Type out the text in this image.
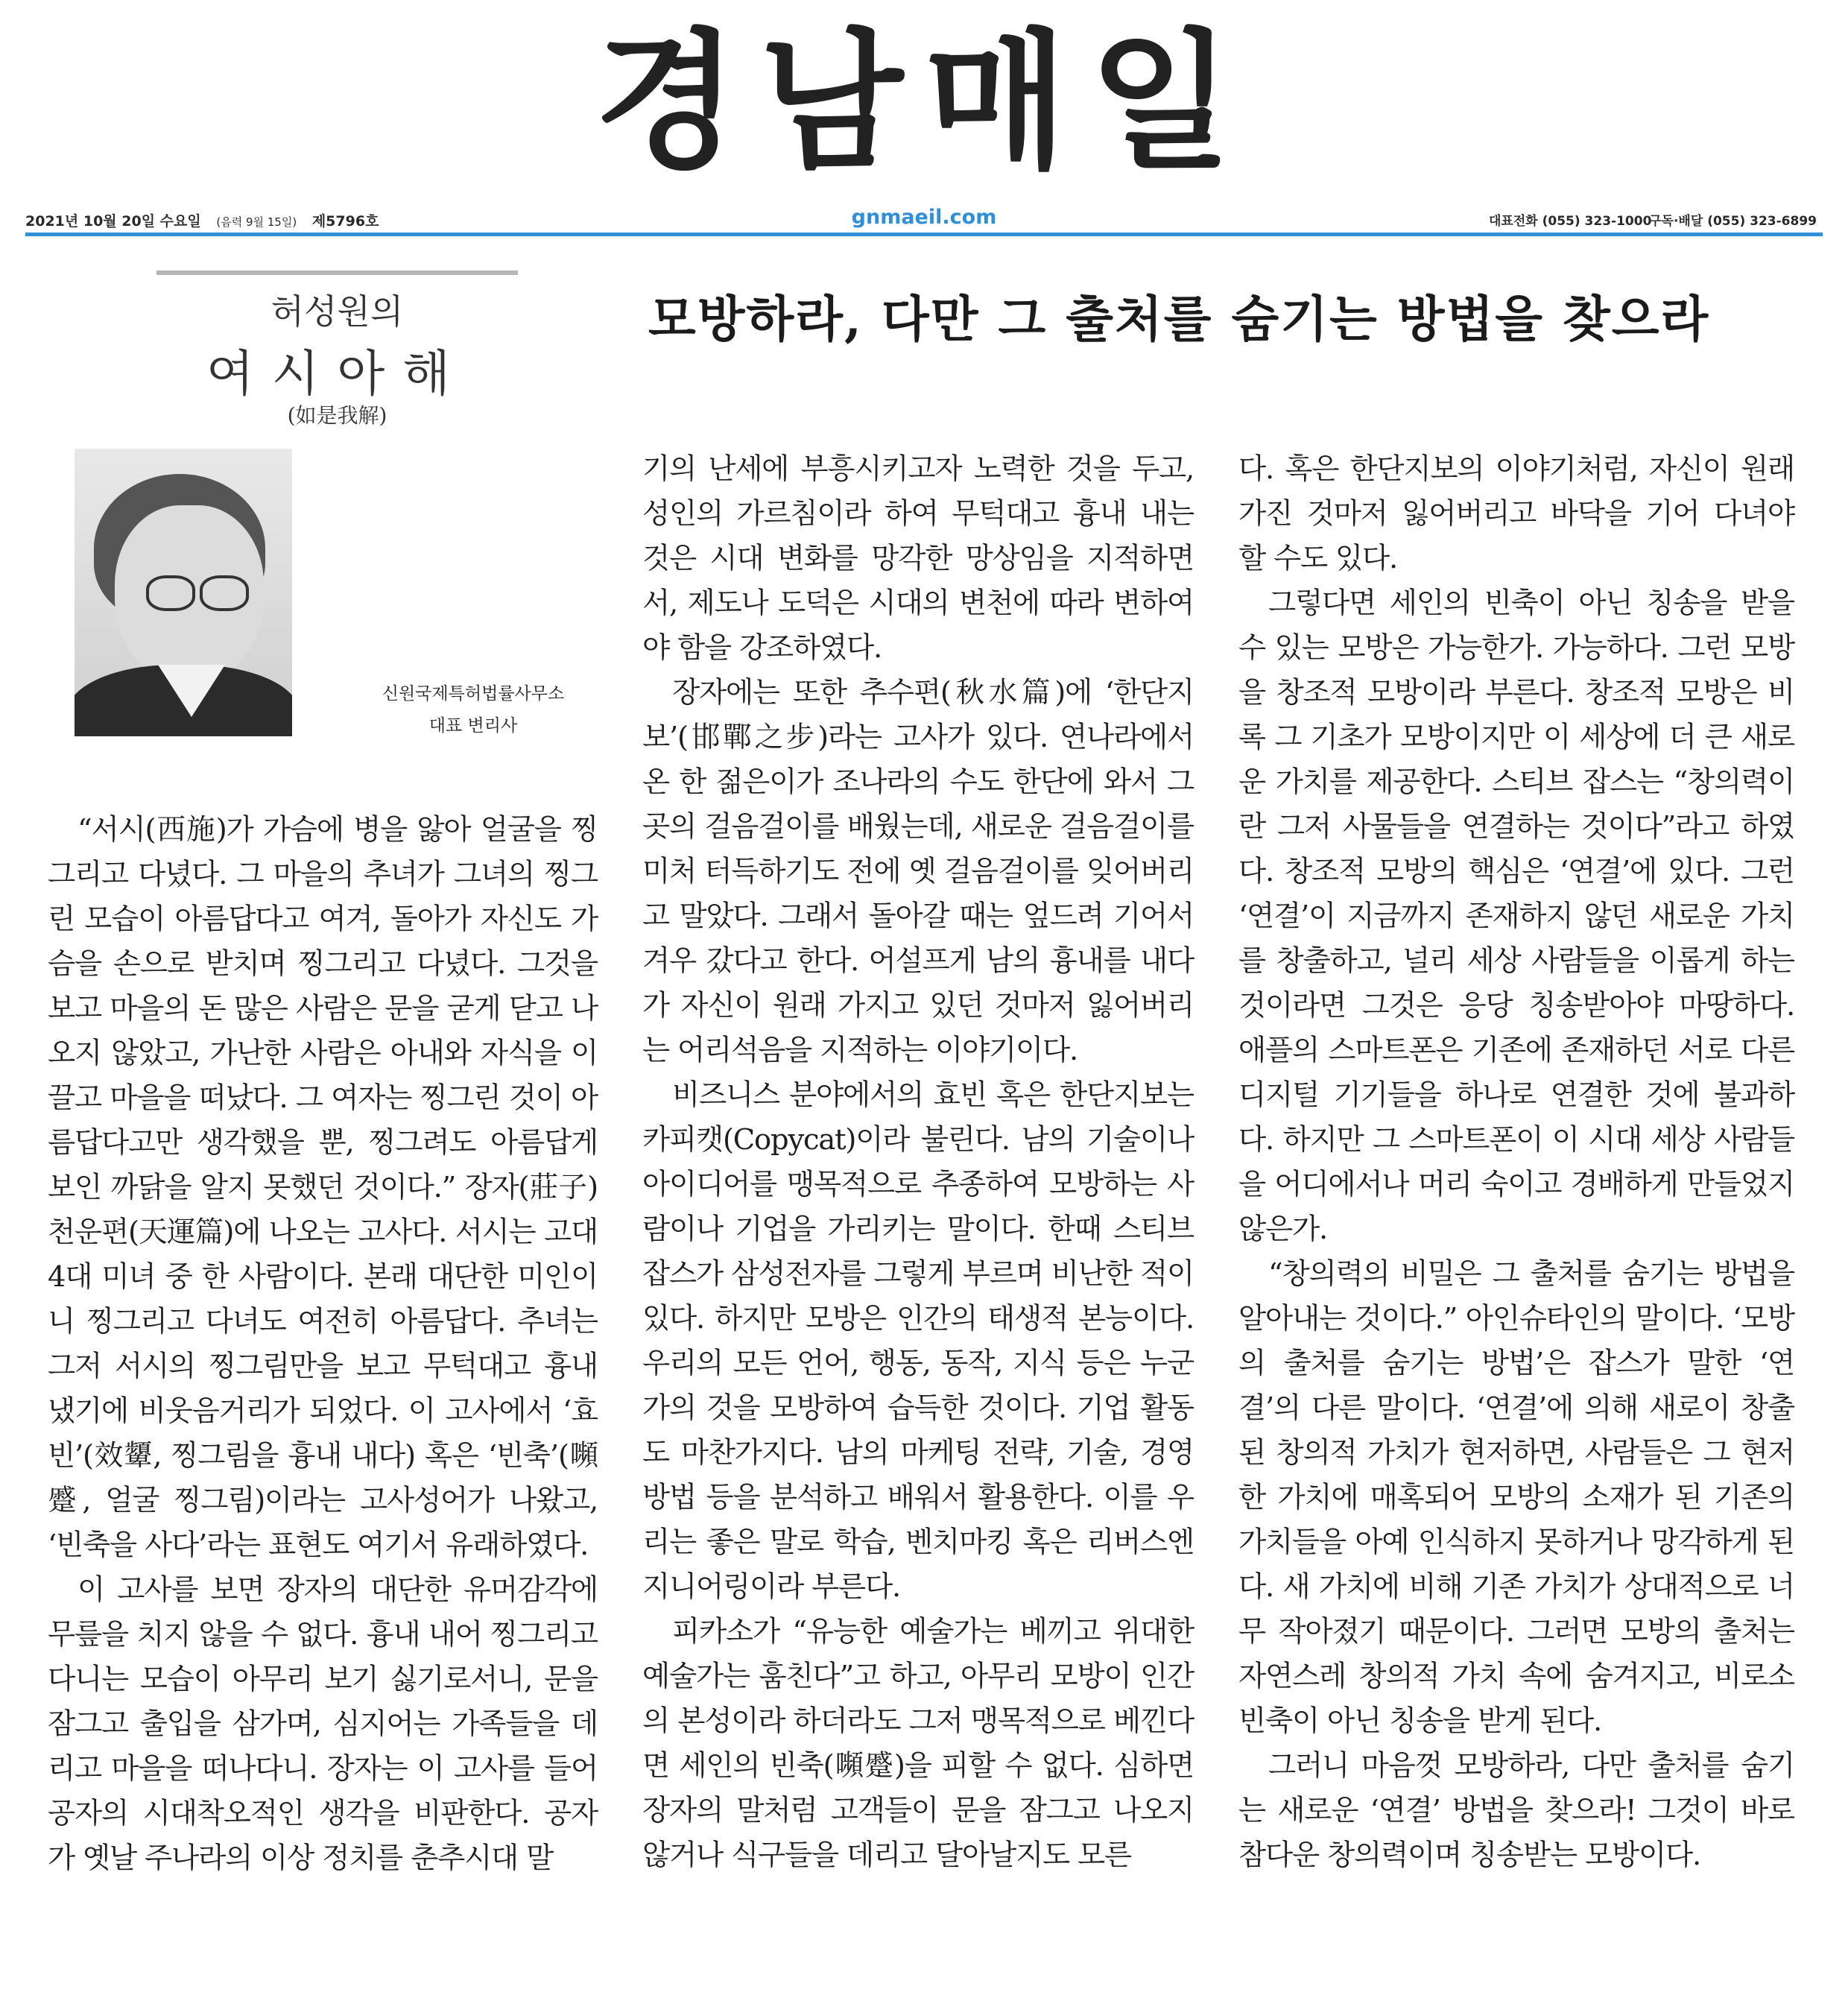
경남매일
2021년 10월 20일 수요일 (음력 9월 15일) 제5796호	gnmaeil.com	대표전화 (055) 323-1000
구독·배달 (055) 323-6899
허성원의
여시아해
(如是我解)
신원국제특허법률사무소
대표 변리사
모방하라, 다만 그 출처를 숨기는 방법을 찾으라

“서시(西施)가 가슴에 병을 앓아 얼굴을 찡그리고 다녔다. 그 마을의 추녀가 그녀의 찡그린 모습이 아름답다고 여겨, 돌아가 자신도 가슴을 손으로 받치며 찡그리고 다녔다. 그것을 보고 마을의 돈 많은 사람은 문을 굳게 닫고 나오지 않았고, 가난한 사람은 아내와 자식을 이끌고 마을을 떠났다. 그 여자는 찡그린 것이 아름답다고만 생각했을 뿐, 찡그려도 아름답게 보인 까닭을 알지 못했던 것이다.” 장자(莊子) 천운편(天運篇)에 나오는 고사다. 서시는 고대 4대 미녀 중 한 사람이다. 본래 대단한 미인이니 찡그리고 다녀도 여전히 아름답다. 추녀는 그저 서시의 찡그림만을 보고 무턱대고 흉내 냈기에 비웃음거리가 되었다. 이 고사에서 ‘효빈’(效顰, 찡그림을 흉내 내다) 혹은 ‘빈축’(嚬蹙, 얼굴 찡그림)이라는 고사성어가 나왔고, ‘빈축을 사다’라는 표현도 여기서 유래하였다.

이 고사를 보면 장자의 대단한 유머감각에 무릎을 치지 않을 수 없다. 흉내 내어 찡그리고 다니는 모습이 아무리 보기 싫기로서니, 문을 잠그고 출입을 삼가며, 심지어는 가족들을 데리고 마을을 떠나다니. 장자는 이 고사를 들어 공자의 시대착오적인 생각을 비판한다. 공자가 옛날 주나라의 이상 정치를 춘추시대 말

기의 난세에 부흥시키고자 노력한 것을 두고, 성인의 가르침이라 하여 무턱대고 흉내 내는 것은 시대 변화를 망각한 망상임을 지적하면서, 제도나 도덕은 시대의 변천에 따라 변하여야 함을 강조하였다.

장자에는 또한 추수편(秋水篇)에 ‘한단지보’(邯鄲之步)라는 고사가 있다. 연나라에서 온 한 젊은이가 조나라의 수도 한단에 와서 그곳의 걸음걸이를 배웠는데, 새로운 걸음걸이를 미처 터득하기도 전에 옛 걸음걸이를 잊어버리고 말았다. 그래서 돌아갈 때는 엎드려 기어서 겨우 갔다고 한다. 어설프게 남의 흉내를 내다가 자신이 원래 가지고 있던 것마저 잃어버리는 어리석음을 지적하는 이야기이다.

비즈니스 분야에서의 효빈 혹은 한단지보는 카피캣(Copycat)이라 불린다. 남의 기술이나 아이디어를 맹목적으로 추종하여 모방하는 사람이나 기업을 가리키는 말이다. 한때 스티브 잡스가 삼성전자를 그렇게 부르며 비난한 적이 있다. 하지만 모방은 인간의 태생적 본능이다. 우리의 모든 언어, 행동, 동작, 지식 등은 누군가의 것을 모방하여 습득한 것이다. 기업 활동도 마찬가지다. 남의 마케팅 전략, 기술, 경영방법 등을 분석하고 배워서 활용한다. 이를 우리는 좋은 말로 학습, 벤치마킹 혹은 리버스엔지니어링이라 부른다.

피카소가 “유능한 예술가는 베끼고 위대한 예술가는 훔친다”고 하고, 아무리 모방이 인간의 본성이라 하더라도 그저 맹목적으로 베낀다면 세인의 빈축(嚬蹙)을 피할 수 없다. 심하면 장자의 말처럼 고객들이 문을 잠그고 나오지 않거나 식구들을 데리고 달아날지도 모른

다. 혹은 한단지보의 이야기처럼, 자신이 원래 가진 것마저 잃어버리고 바닥을 기어 다녀야 할 수도 있다.

그렇다면 세인의 빈축이 아닌 칭송을 받을 수 있는 모방은 가능한가. 가능하다. 그런 모방을 창조적 모방이라 부른다. 창조적 모방은 비록 그 기초가 모방이지만 이 세상에 더 큰 새로운 가치를 제공한다. 스티브 잡스는 “창의력이란 그저 사물들을 연결하는 것이다”라고 하였다. 창조적 모방의 핵심은 ‘연결’에 있다. 그런 ‘연결’이 지금까지 존재하지 않던 새로운 가치를 창출하고, 널리 세상 사람들을 이롭게 하는 것이라면 그것은 응당 칭송받아야 마땅하다. 애플의 스마트폰은 기존에 존재하던 서로 다른 디지털 기기들을 하나로 연결한 것에 불과하다. 하지만 그 스마트폰이 이 시대 세상 사람들을 어디에서나 머리 숙이고 경배하게 만들었지 않은가.

“창의력의 비밀은 그 출처를 숨기는 방법을 알아내는 것이다.” 아인슈타인의 말이다. ‘모방의 출처를 숨기는 방법’은 잡스가 말한 ‘연결’의 다른 말이다. ‘연결’에 의해 새로이 창출된 창의적 가치가 현저하면, 사람들은 그 현저한 가치에 매혹되어 모방의 소재가 된 기존의 가치들을 아예 인식하지 못하거나 망각하게 된다. 새 가치에 비해 기존 가치가 상대적으로 너무 작아졌기 때문이다. 그러면 모방의 출처는 자연스레 창의적 가치 속에 숨겨지고, 비로소 빈축이 아닌 칭송을 받게 된다.

그러니 마음껏 모방하라, 다만 출처를 숨기는 새로운 ‘연결’ 방법을 찾으라! 그것이 바로 참다운 창의력이며 칭송받는 모방이다.
